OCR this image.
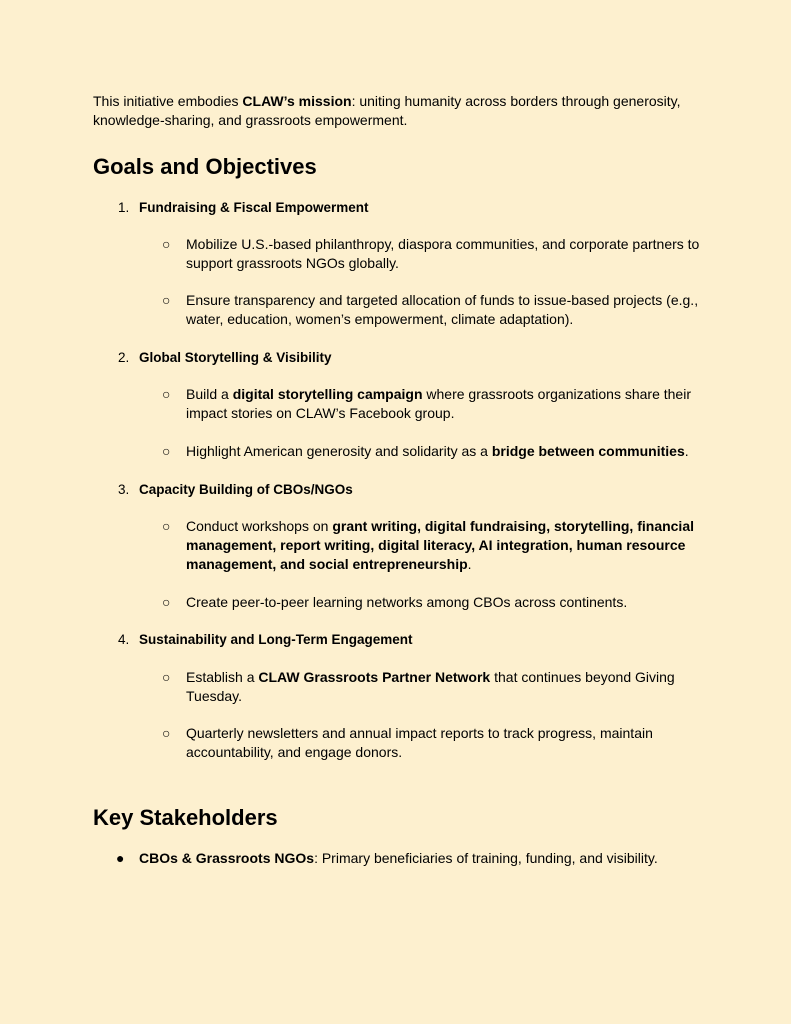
This initiative embodies CLAW’s mission: uniting humanity across borders through generosity, knowledge-sharing, and grassroots empowerment.
Goals and Objectives
1. Fundraising & Fiscal Empowerment
○	Mobilize U.S.-based philanthropy, diaspora communities, and corporate partners to support grassroots NGOs globally.
○	Ensure transparency and targeted allocation of funds to issue-based projects (e.g., water, education, women’s empowerment, climate adaptation).
2. Global Storytelling & Visibility
○	Build a digital storytelling campaign where grassroots organizations share their impact stories on CLAW’s Facebook group.
○	Highlight American generosity and solidarity as a bridge between communities.
3. Capacity Building of CBOs/NGOs
○	Conduct workshops on grant writing, digital fundraising, storytelling, financial management, report writing, digital literacy, AI integration, human resource management, and social entrepreneurship.
○	Create peer-to-peer learning networks among CBOs across continents.
4. Sustainability and Long-Term Engagement
○	Establish a CLAW Grassroots Partner Network that continues beyond Giving Tuesday.
○	Quarterly newsletters and annual impact reports to track progress, maintain accountability, and engage donors.
Key Stakeholders
● CBOs & Grassroots NGOs: Primary beneficiaries of training, funding, and visibility.
